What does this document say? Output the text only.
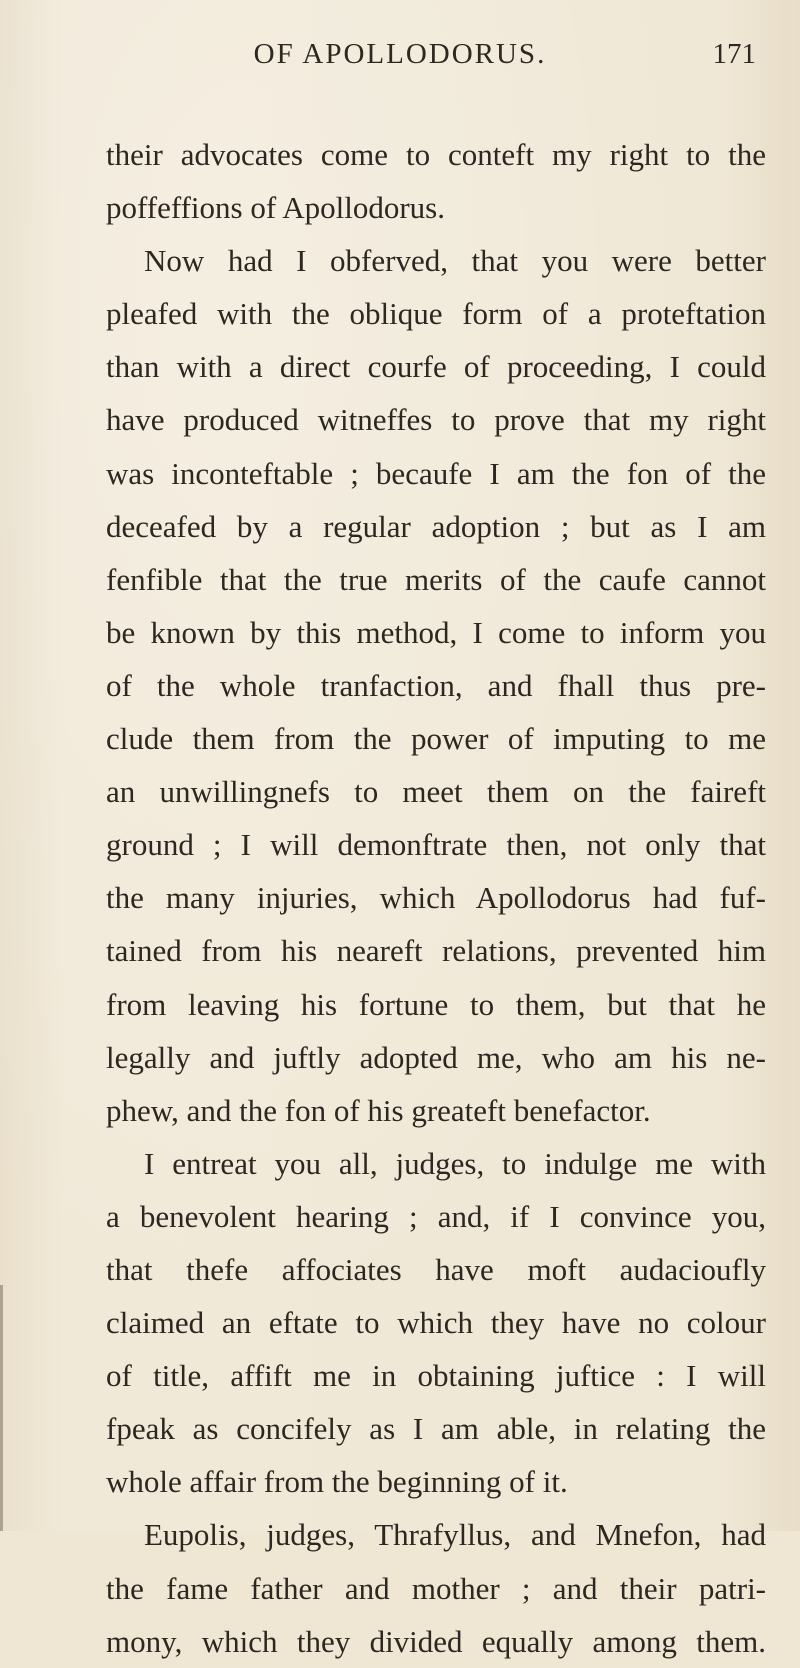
OF APOLLODORUS.	171
their advocates come to conteft my right to the
poffeffions of Apollodorus.
Now had I obferved, that you were better
pleafed with the oblique form of a proteftation
than with a direct courfe of proceeding, I could
have produced witneffes to prove that my right
was inconteftable ; becaufe I am the fon of the
deceafed by a regular adoption ; but as I am
fenfible that the true merits of the caufe cannot
be known by this method, I come to inform you
of the whole tranfaction, and fhall thus pre-
clude them from the power of imputing to me
an unwillingnefs to meet them on the faireft
ground ; I will demonftrate then, not only that
the many injuries, which Apollodorus had fuf-
tained from his neareft relations, prevented him
from leaving his fortune to them, but that he
legally and juftly adopted me, who am his ne-
phew, and the fon of his greateft benefactor.
I entreat you all, judges, to indulge me with
a benevolent hearing ; and, if I convince you,
that thefe affociates have moft audacioufly
claimed an eftate to which they have no colour
of title, affift me in obtaining juftice : I will
fpeak as concifely as I am able, in relating the
whole affair from the beginning of it.
Eupolis, judges, Thrafyllus, and Mnefon, had
the fame father and mother ; and their patri-
mony, which they divided equally among them.
